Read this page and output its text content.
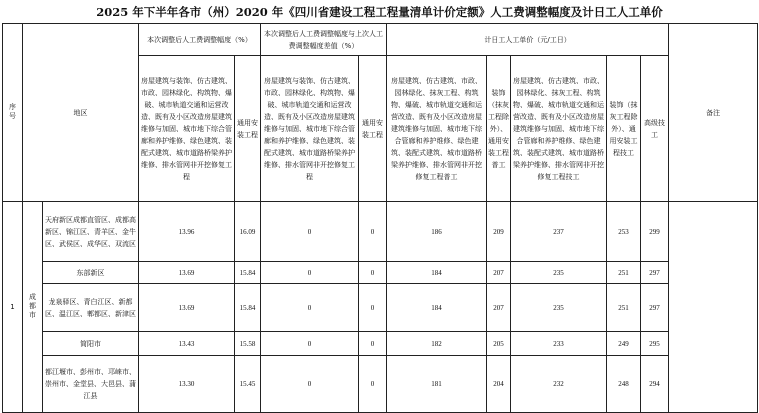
2025 年下半年各市（州）2020 年《四川省建设工程工程量清单计价定额》人工费调整幅度及计日工人工单价
序号	地区		本次调整后人工费调整幅度（%）		本次调整后人工费调整幅度与上次人工费调整幅度差值（%）		计日工人工单价（元/工日）					备注
			房屋建筑与装饰、仿古建筑、市政、园林绿化、构筑物、爆破、城市轨道交通和运营改造、既有及小区改造房屋建筑维修与加固、城市地下综合管廊和养护维修、绿色建筑、装配式建筑、城市道路桥梁养护维修、排水管网非开挖修复工程	通用安装工程	房屋建筑与装饰、仿古建筑、市政、园林绿化、构筑物、爆破、城市轨道交通和运营改造、既有及小区改造房屋建筑维修与加固、城市地下综合管廊和养护维修、绿色建筑、装配式建筑、城市道路桥梁养护维修、排水管网非开挖修复工程	通用安装工程	房屋建筑、仿古建筑、市政、园林绿化、抹灰工程、构筑物、爆破、城市轨道交通和运营改造、既有及小区改造房屋建筑维修与加固、城市地下综合管廊和养护维修、绿色建筑、装配式建筑、城市道路桥梁养护维修、排水管网非开挖修复工程普工	装饰（抹灰工程除外）、通用安装工程普工	房屋建筑、仿古建筑、市政、园林绿化、抹灰工程、构筑物、爆破、城市轨道交通和运营改造、既有及小区改造房屋建筑维修与加固、城市地下综合管廊和养护维修、绿色建筑、装配式建筑、城市道路桥梁养护维修、排水管网非开挖修复工程技工	装饰（抹灰工程除外）、通用安装工程技工	高级技工	
1	成都市	天府新区成都直管区、成都高新区、锦江区、青羊区、金牛区、武侯区、成华区、双流区	13.96	16.09	0	0	186	209	237	253	299	
		东部新区	13.69	15.84	0	0	184	207	235	251	297	
		龙泉驿区、青白江区、新都区、温江区、郫都区、新津区	13.69	15.84	0	0	184	207	235	251	297	
		简阳市	13.43	15.58	0	0	182	205	233	249	295	
		都江堰市、彭州市、邛崃市、崇州市、金堂县、大邑县、蒲江县	13.30	15.45	0	0	181	204	232	248	294	
